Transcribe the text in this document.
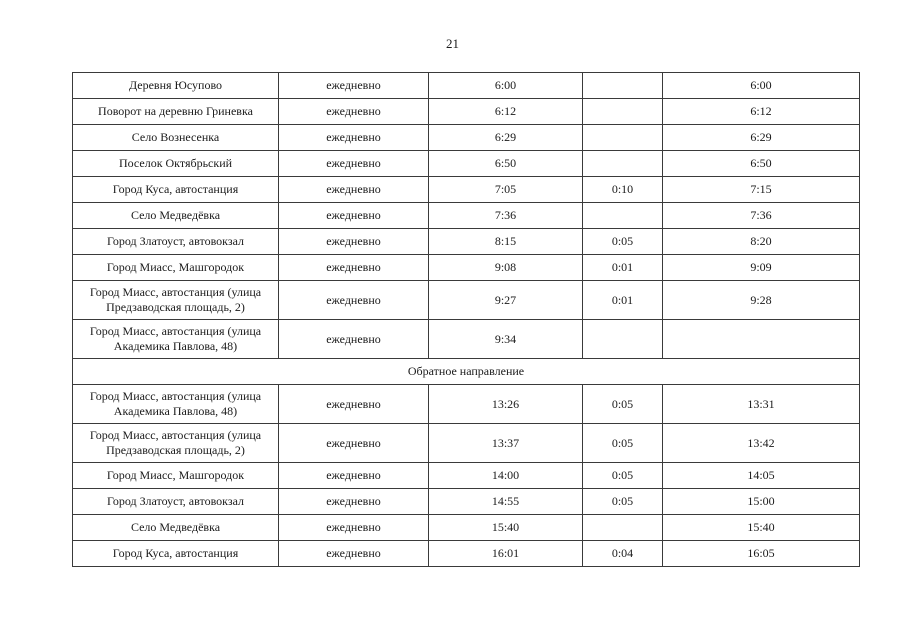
21
Деревня Юсупово	ежедневно	6:00		6:00
Поворот на деревню Гриневка	ежедневно	6:12		6:12
Село Вознесенка	ежедневно	6:29		6:29
Поселок Октябрьский	ежедневно	6:50		6:50
Город Куса, автостанция	ежедневно	7:05	0:10	7:15
Село Медведёвка	ежедневно	7:36		7:36
Город Златоуст, автовокзал	ежедневно	8:15	0:05	8:20
Город Миасс, Машгородок	ежедневно	9:08	0:01	9:09
Город Миасс, автостанция (улица
Предзаводская площадь, 2)	ежедневно	9:27	0:01	9:28
Город Миасс, автостанция (улица
Академика Павлова, 48)	ежедневно	9:34		
Обратное направление				
Город Миасс, автостанция (улица
Академика Павлова, 48)	ежедневно	13:26	0:05	13:31
Город Миасс, автостанция (улица
Предзаводская площадь, 2)	ежедневно	13:37	0:05	13:42
Город Миасс, Машгородок	ежедневно	14:00	0:05	14:05
Город Златоуст, автовокзал	ежедневно	14:55	0:05	15:00
Село Медведёвка	ежедневно	15:40		15:40
Город Куса, автостанция	ежедневно	16:01	0:04	16:05
